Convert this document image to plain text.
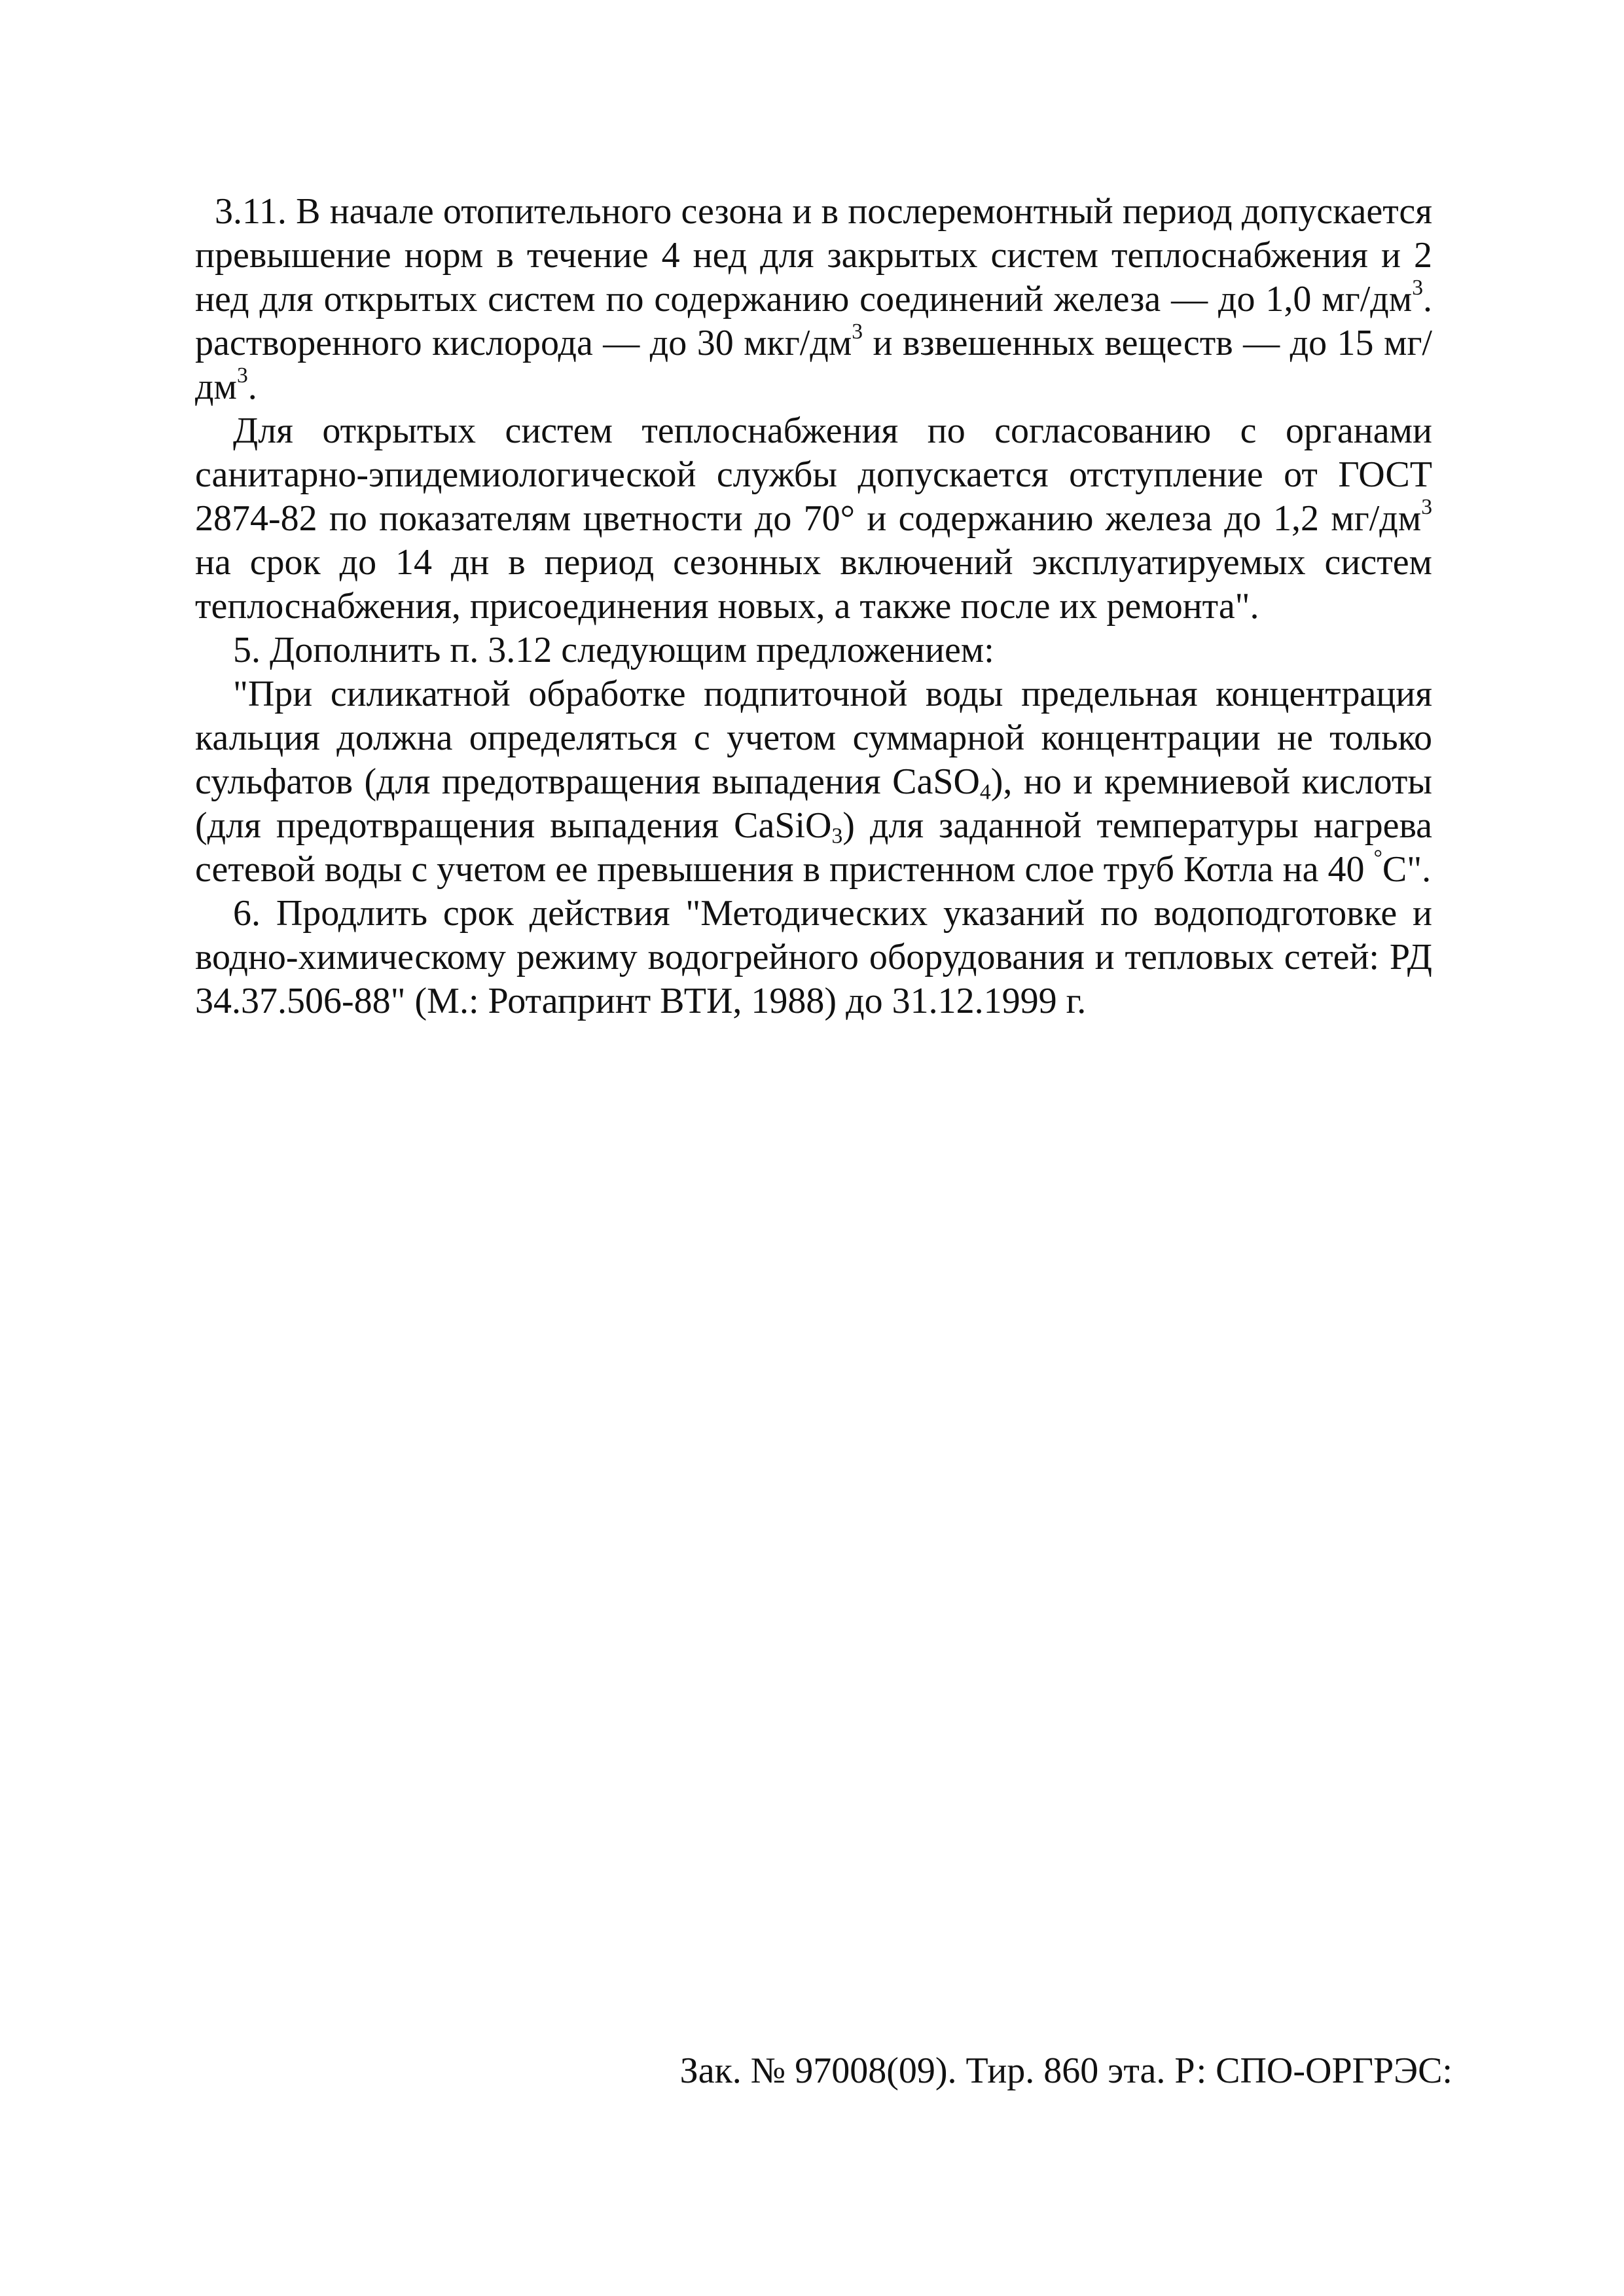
3.11. В начале отопительного сезона и в послеремонтный период допускается превышение норм в течение 4 нед для закрытых систем теплоснабжения и 2 нед для открытых систем по содержанию соединений железа — до 1,0 $мг/дм^3$. растворенного кислорода — до 30 мкг/$дм^3$ и взвешенных веществ — до 15 $мг/дм^3$.

Для открытых систем теплоснабжения по согласованию с органами санитарно-эпидемиологической службы допускается отступление от ГОСТ 2874-82 по показателям цветности до 70° и содержанию железа до 1,2 $мг/дм^3$ на срок до 14 дн в период сезонных включений эксплуатируемых систем теплоснабжения, присоединения новых, а также после их ремонта".

5. Дополнить п. 3.12 следующим предложением:

"При силикатной обработке подпиточной воды предельная концентрация кальция должна определяться с учетом суммарной концентрации не только сульфатов (для предотвращения выпадения CaSO$_4$), но и кремниевой кислоты (для предотвращения выпадения CaSiO$_3$) для заданной температуры нагрева сетевой воды с учетом ее превышения в пристенном слое труб Котла на 40 °С".

6. Продлить срок действия "Методических указаний по водоподготовке и водно-химическому режиму водогрейного оборудования и тепловых сетей: РД 34.37.506-88" (М.: Ротапринт ВТИ, 1988) до 31.12.1999 г.

Зак. № 97008(09). Тир. 860 эта. Р: СПО-ОРГРЭС:
